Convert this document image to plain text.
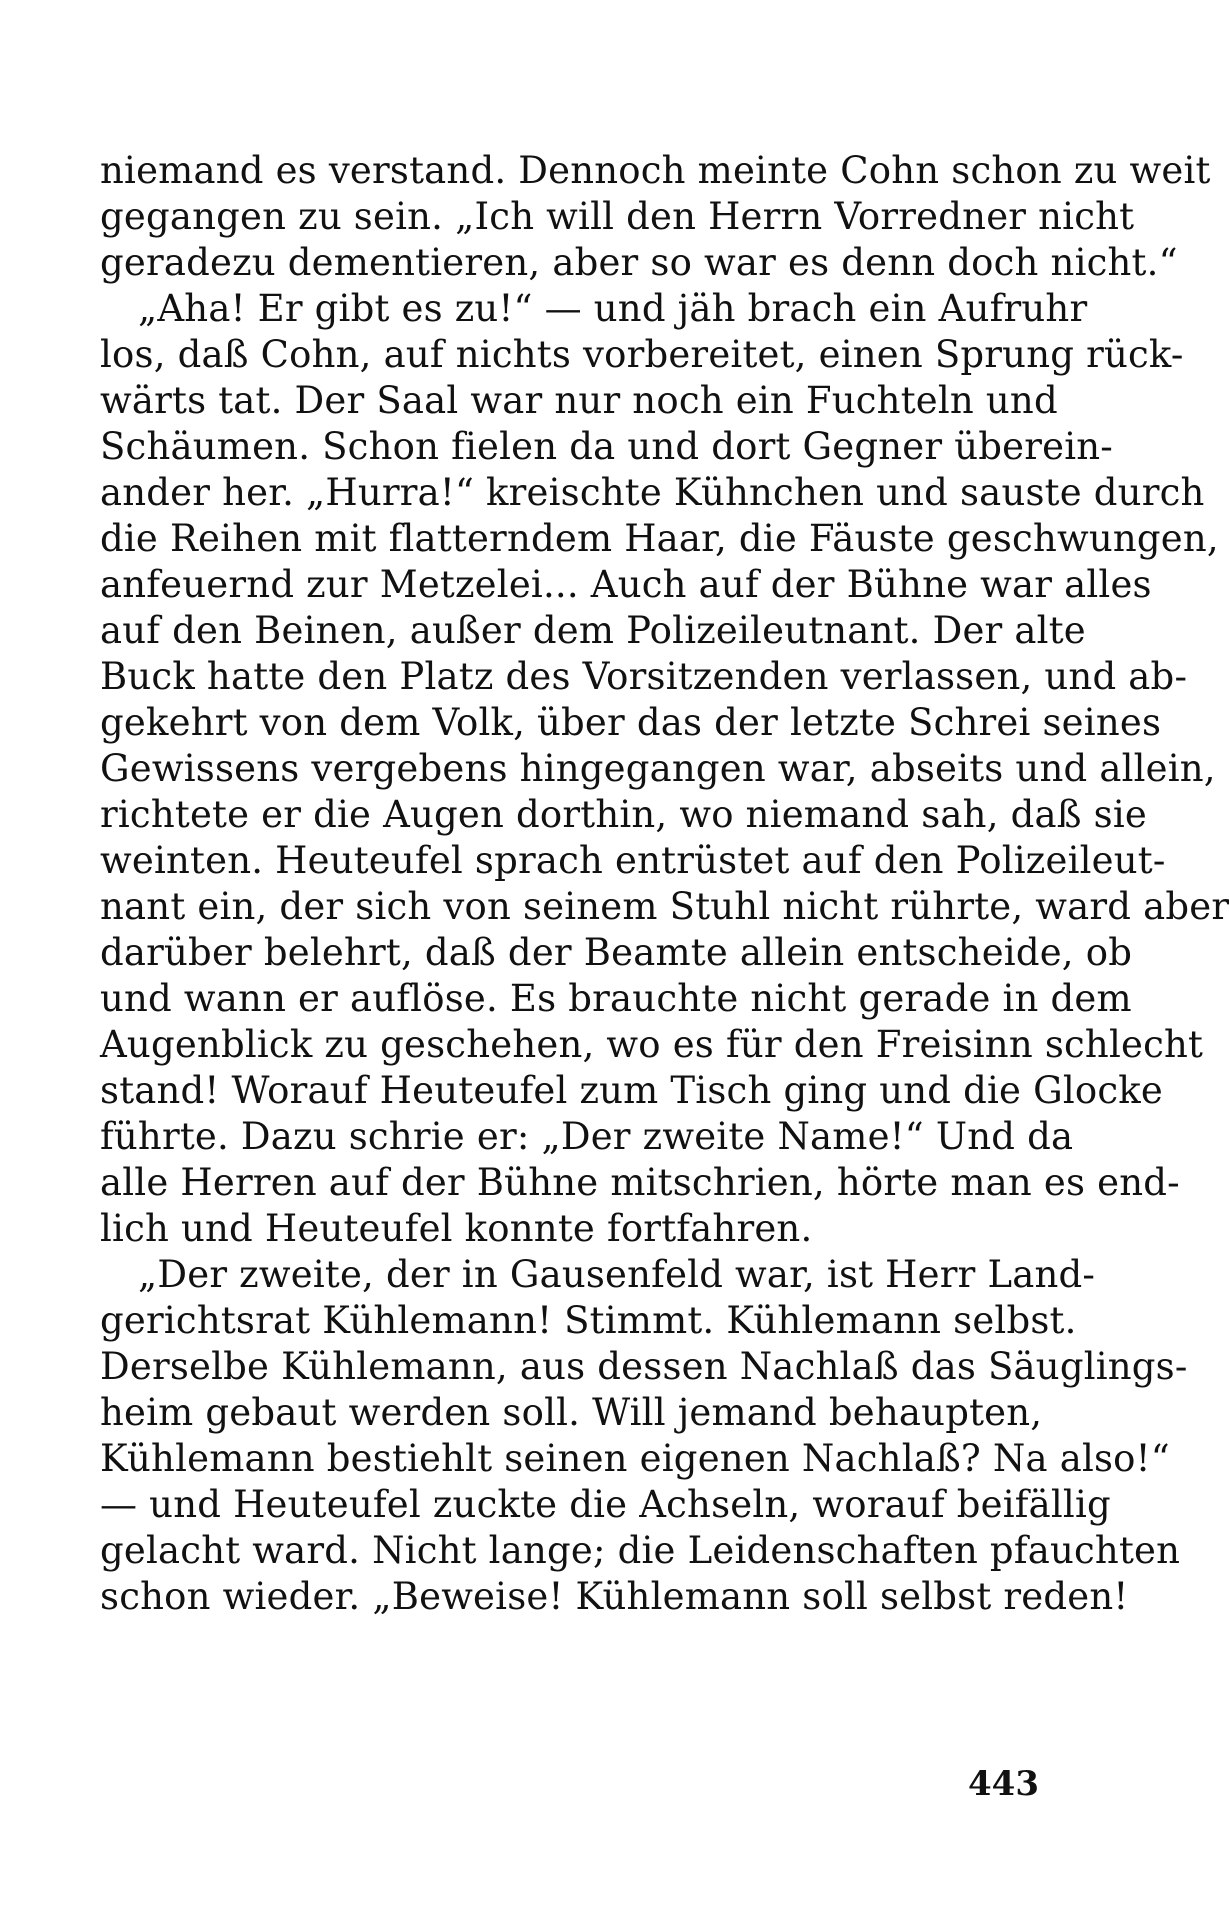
niemand es verstand. Dennoch meinte Cohn schon zu weit
gegangen zu sein. „Ich will den Herrn Vorredner nicht
geradezu dementieren, aber so war es denn doch nicht.“
„Aha! Er gibt es zu!“ — und jäh brach ein Aufruhr
los, daß Cohn, auf nichts vorbereitet, einen Sprung rück-
wärts tat. Der Saal war nur noch ein Fuchteln und
Schäumen. Schon fielen da und dort Gegner überein-
ander her. „Hurra!“ kreischte Kühnchen und sauste durch
die Reihen mit flatterndem Haar, die Fäuste geschwungen,
anfeuernd zur Metzelei... Auch auf der Bühne war alles
auf den Beinen, außer dem Polizeileutnant. Der alte
Buck hatte den Platz des Vorsitzenden verlassen, und ab-
gekehrt von dem Volk, über das der letzte Schrei seines
Gewissens vergebens hingegangen war, abseits und allein,
richtete er die Augen dorthin, wo niemand sah, daß sie
weinten. Heuteufel sprach entrüstet auf den Polizeileut-
nant ein, der sich von seinem Stuhl nicht rührte, ward aber
darüber belehrt, daß der Beamte allein entscheide, ob
und wann er auflöse. Es brauchte nicht gerade in dem
Augenblick zu geschehen, wo es für den Freisinn schlecht
stand! Worauf Heuteufel zum Tisch ging und die Glocke
führte. Dazu schrie er: „Der zweite Name!“ Und da
alle Herren auf der Bühne mitschrien, hörte man es end-
lich und Heuteufel konnte fortfahren.
„Der zweite, der in Gausenfeld war, ist Herr Land-
gerichtsrat Kühlemann! Stimmt. Kühlemann selbst.
Derselbe Kühlemann, aus dessen Nachlaß das Säuglings-
heim gebaut werden soll. Will jemand behaupten,
Kühlemann bestiehlt seinen eigenen Nachlaß? Na also!“
— und Heuteufel zuckte die Achseln, worauf beifällig
gelacht ward. Nicht lange; die Leidenschaften pfauchten
schon wieder. „Beweise! Kühlemann soll selbst reden!
443
